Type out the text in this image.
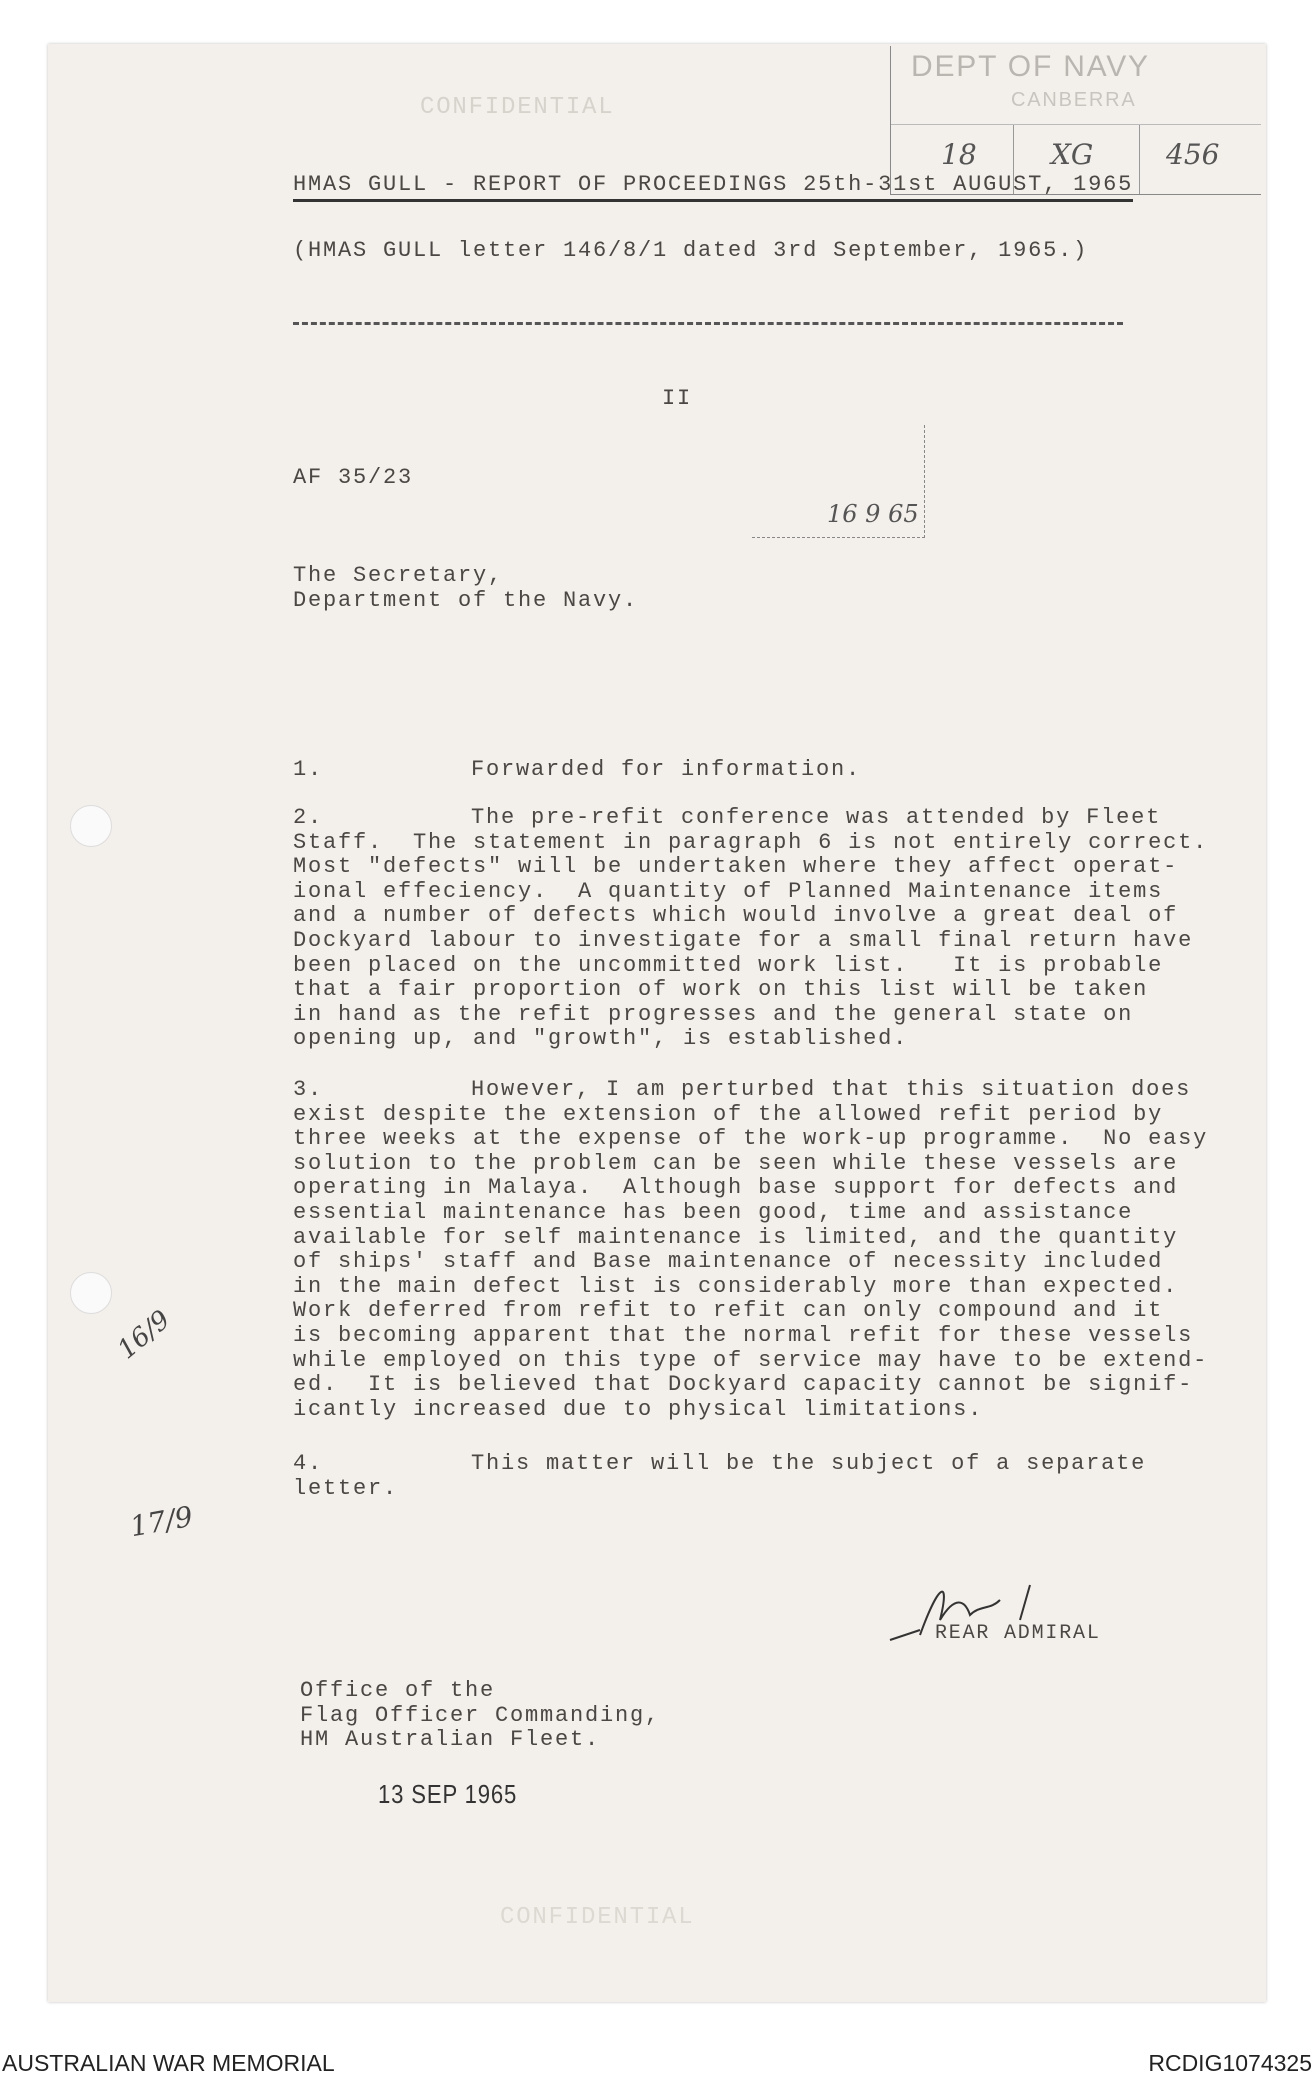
CONFIDENTIAL
DEPT OF NAVY
CANBERRA
18	XG	456
HMAS GULL - REPORT OF PROCEEDINGS 25th-31st AUGUST, 1965
(HMAS GULL letter 146/8/1 dated 3rd September, 1965.)
II
AF 35/23
16 9 65
The Secretary,
Department of the Navy.
1.	Forwarded for information.
2.	The pre-refit conference was attended by Fleet
Staff.  The statement in paragraph 6 is not entirely correct.
Most "defects" will be undertaken where they affect operat-
ional effeciency.  A quantity of Planned Maintenance items
and a number of defects which would involve a great deal of
Dockyard labour to investigate for a small final return have
been placed on the uncommitted work list.   It is probable
that a fair proportion of work on this list will be taken
in hand as the refit progresses and the general state on
opening up, and "growth", is established.
3.	However, I am perturbed that this situation does
exist despite the extension of the allowed refit period by
three weeks at the expense of the work-up programme.  No easy
solution to the problem can be seen while these vessels are
operating in Malaya.  Although base support for defects and
essential maintenance has been good, time and assistance
available for self maintenance is limited, and the quantity
of ships' staff and Base maintenance of necessity included
in the main defect list is considerably more than expected.
Work deferred from refit to refit can only compound and it
is becoming apparent that the normal refit for these vessels
while employed on this type of service may have to be extend-
ed.  It is believed that Dockyard capacity cannot be signif-
icantly increased due to physical limitations.
4.	This matter will be the subject of a separate
letter.
16/9
17/9
REAR ADMIRAL
Office of the
Flag Officer Commanding,
HM Australian Fleet.
13 SEP 1965
CONFIDENTIAL
AUSTRALIAN WAR MEMORIAL	RCDIG1074325
